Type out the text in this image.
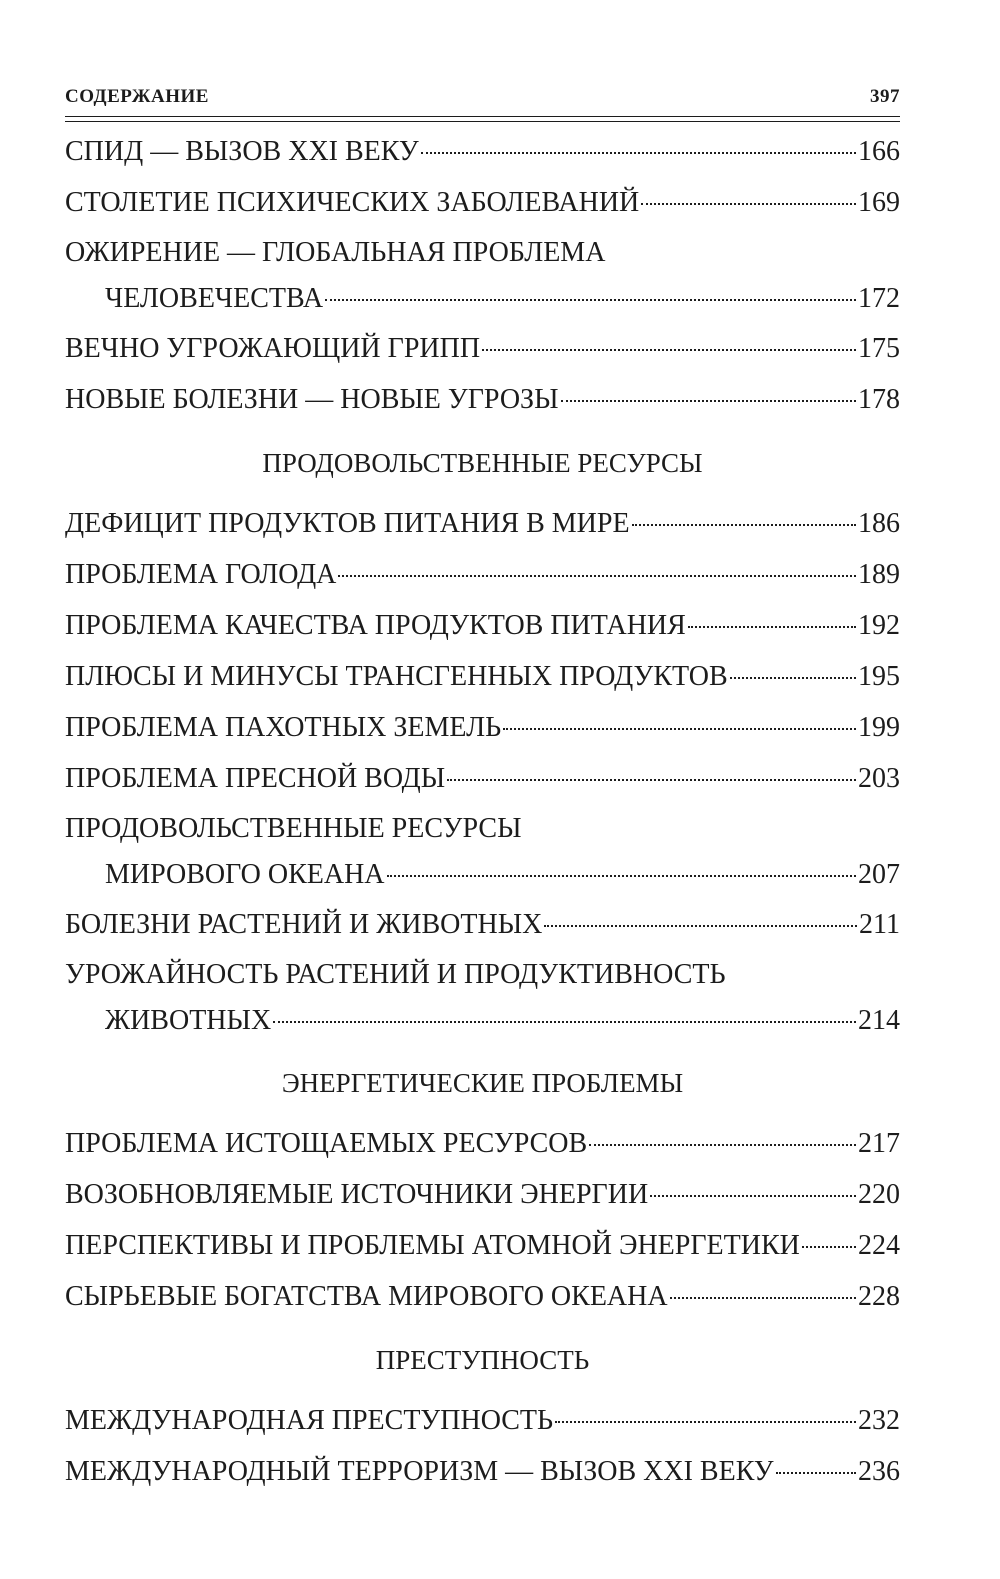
СОДЕРЖАНИЕ	397
СПИД — ВЫЗОВ XXI ВЕКУ	166
СТОЛЕТИЕ ПСИХИЧЕСКИХ ЗАБОЛЕВАНИЙ	169
ОЖИРЕНИЕ — ГЛОБАЛЬНАЯ ПРОБЛЕМА
ЧЕЛОВЕЧЕСТВА	172
ВЕЧНО УГРОЖАЮЩИЙ ГРИПП	175
НОВЫЕ БОЛЕЗНИ — НОВЫЕ УГРОЗЫ	178
ПРОДОВОЛЬСТВЕННЫЕ РЕСУРСЫ
ДЕФИЦИТ ПРОДУКТОВ ПИТАНИЯ В МИРЕ	186
ПРОБЛЕМА ГОЛОДА	189
ПРОБЛЕМА КАЧЕСТВА ПРОДУКТОВ ПИТАНИЯ	192
ПЛЮСЫ И МИНУСЫ ТРАНСГЕННЫХ ПРОДУКТОВ	195
ПРОБЛЕМА ПАХОТНЫХ ЗЕМЕЛЬ	199
ПРОБЛЕМА ПРЕСНОЙ ВОДЫ	203
ПРОДОВОЛЬСТВЕННЫЕ РЕСУРСЫ
МИРОВОГО ОКЕАНА	207
БОЛЕЗНИ РАСТЕНИЙ И ЖИВОТНЫХ	211
УРОЖАЙНОСТЬ РАСТЕНИЙ И ПРОДУКТИВНОСТЬ
ЖИВОТНЫХ	214
ЭНЕРГЕТИЧЕСКИЕ ПРОБЛЕМЫ
ПРОБЛЕМА ИСТОЩАЕМЫХ РЕСУРСОВ	217
ВОЗОБНОВЛЯЕМЫЕ ИСТОЧНИКИ ЭНЕРГИИ	220
ПЕРСПЕКТИВЫ И ПРОБЛЕМЫ АТОМНОЙ ЭНЕРГЕТИКИ 224
СЫРЬЕВЫЕ БОГАТСТВА МИРОВОГО ОКЕАНА	228
ПРЕСТУПНОСТЬ
МЕЖДУНАРОДНАЯ ПРЕСТУПНОСТЬ	232
МЕЖДУНАРОДНЫЙ ТЕРРОРИЗМ — ВЫЗОВ XXI ВЕКУ	236
